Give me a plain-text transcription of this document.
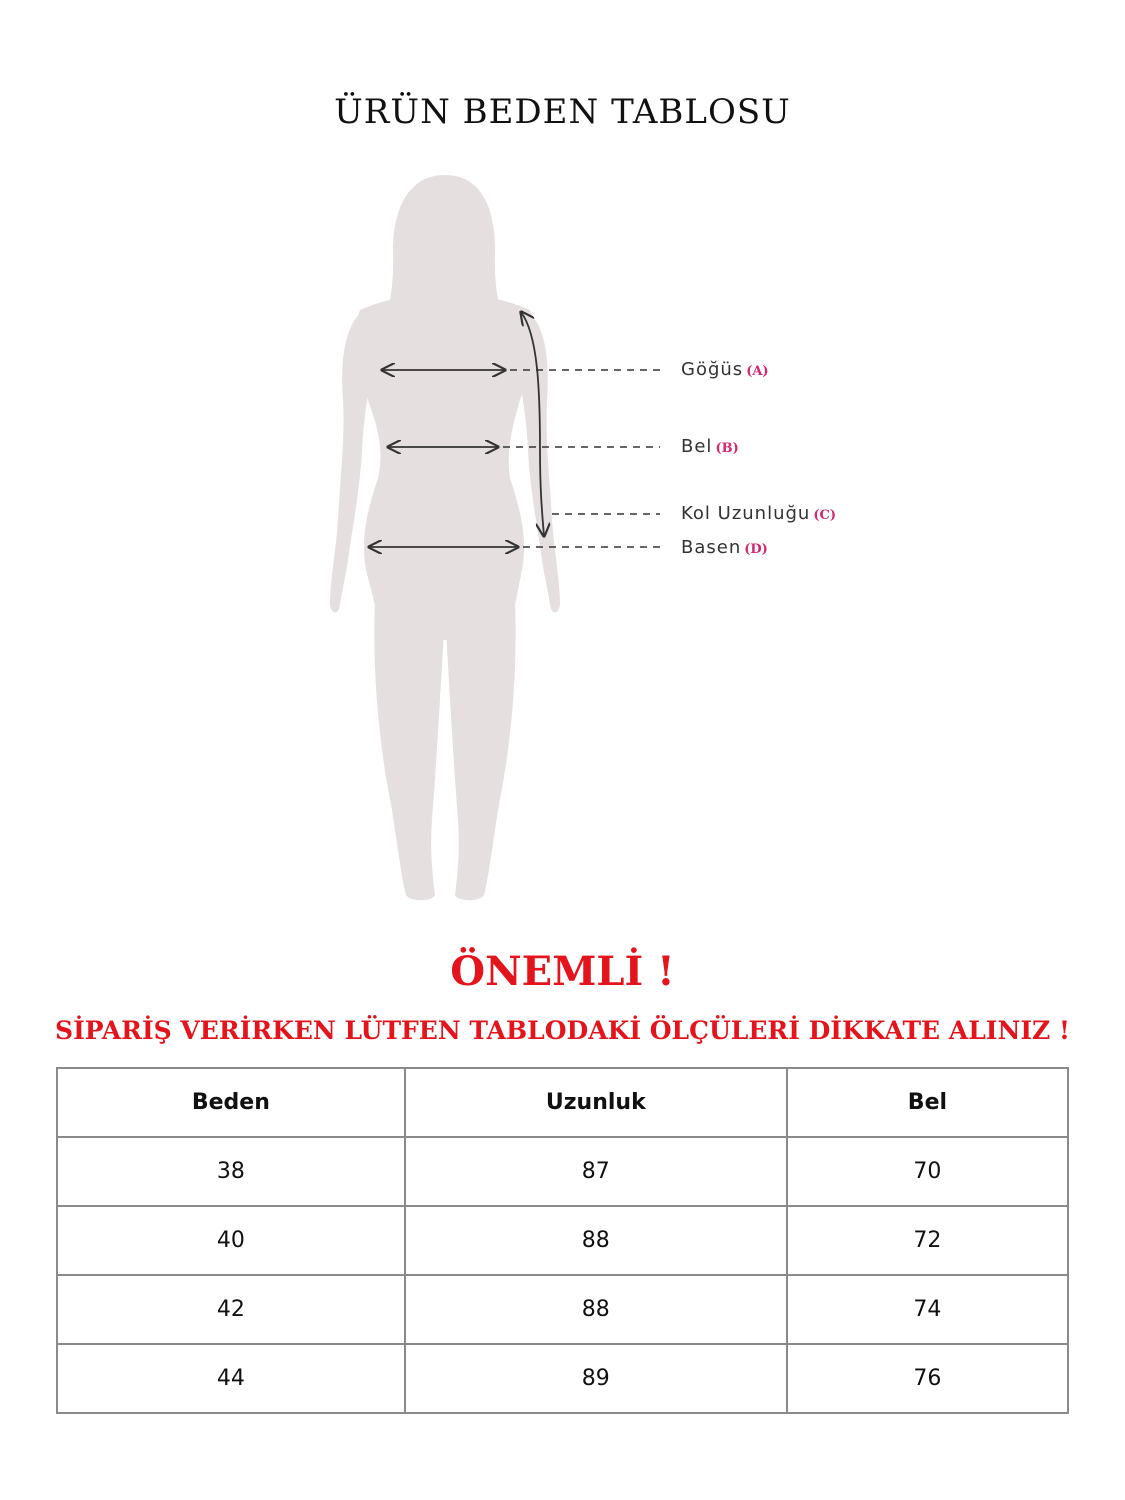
ÜRÜN BEDEN TABLOSU
Göğüs (A)
Bel (B)
Kol Uzunluğu (C)
Basen (D)
ÖNEMLİ !
SİPARİŞ VERİRKEN LÜTFEN TABLODAKİ ÖLÇÜLERİ DİKKATE ALINIZ !
Beden	Uzunluk	Bel
38	87	70
40	88	72
42	88	74
44	89	76
